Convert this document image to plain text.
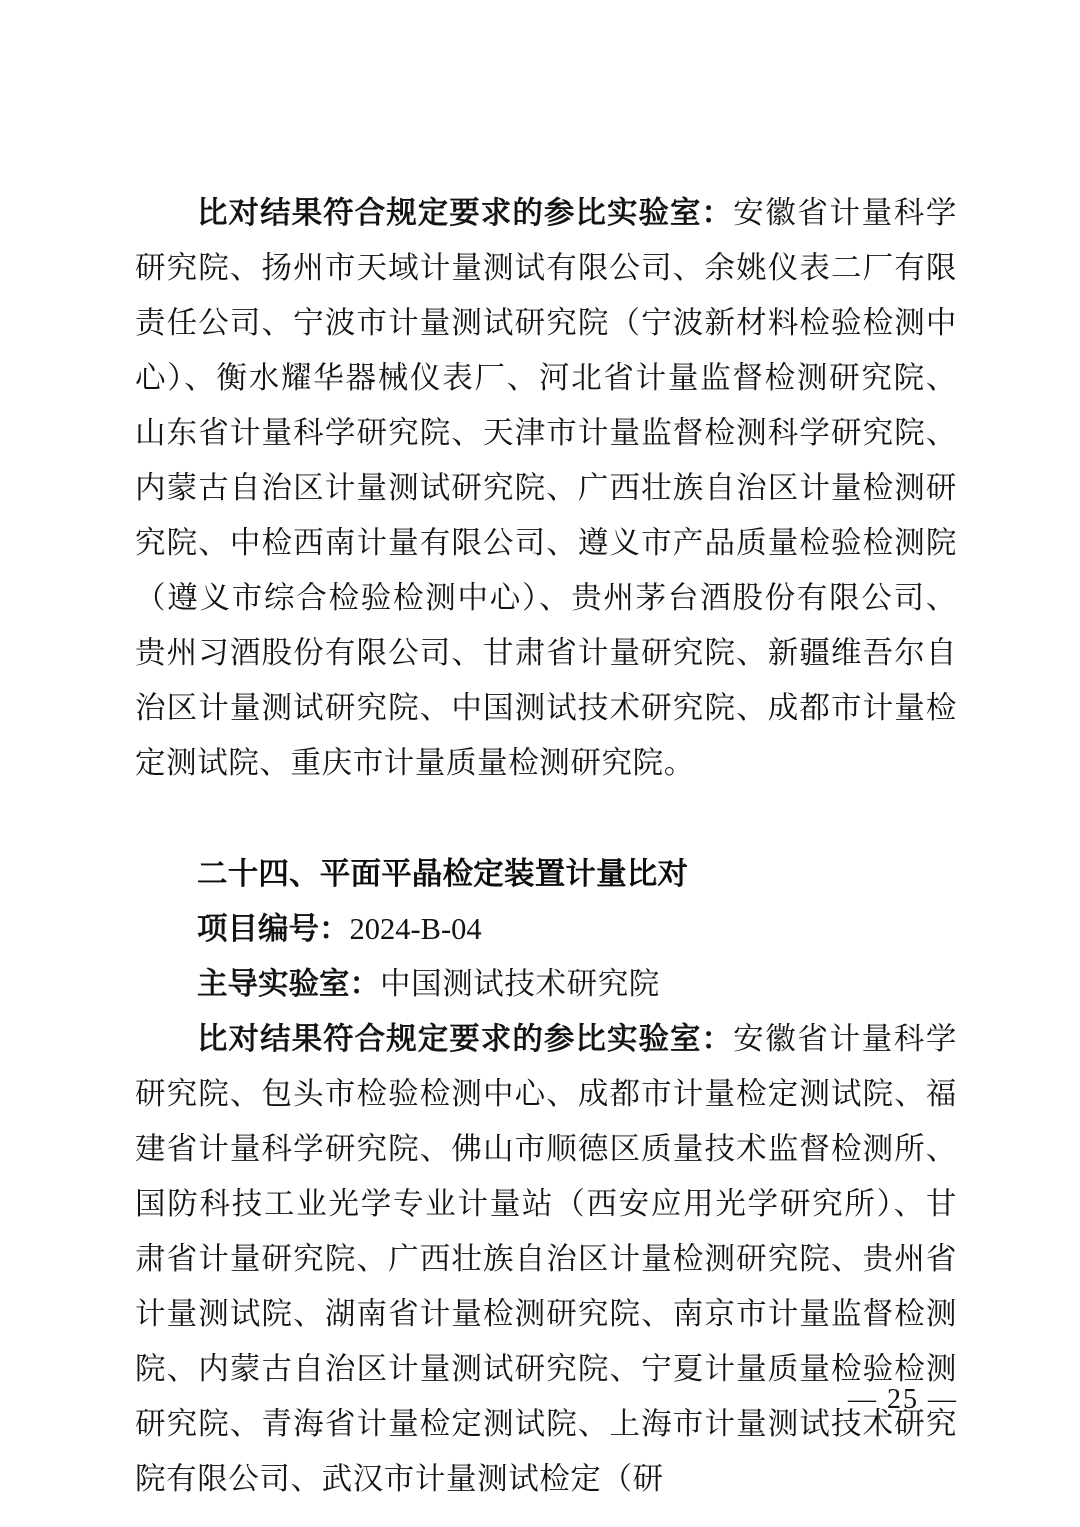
比对结果符合规定要求的参比实验室：安徽省计量科学研究院、扬州市天域计量测试有限公司、余姚仪表二厂有限责任公司、宁波市计量测试研究院（宁波新材料检验检测中心）、衡水耀华器械仪表厂、河北省计量监督检测研究院、山东省计量科学研究院、天津市计量监督检测科学研究院、内蒙古自治区计量测试研究院、广西壮族自治区计量检测研究院、中检西南计量有限公司、遵义市产品质量检验检测院（遵义市综合检验检测中心）、贵州茅台酒股份有限公司、贵州习酒股份有限公司、甘肃省计量研究院、新疆维吾尔自治区计量测试研究院、中国测试技术研究院、成都市计量检定测试院、重庆市计量质量检测研究院。

二十四、平面平晶检定装置计量比对

项目编号：2024-B-04

主导实验室：中国测试技术研究院

比对结果符合规定要求的参比实验室：安徽省计量科学研究院、包头市检验检测中心、成都市计量检定测试院、福建省计量科学研究院、佛山市顺德区质量技术监督检测所、国防科技工业光学专业计量站（西安应用光学研究所）、甘肃省计量研究院、广西壮族自治区计量检测研究院、贵州省计量测试院、湖南省计量检测研究院、南京市计量监督检测院、内蒙古自治区计量测试研究院、宁夏计量质量检验检测研究院、青海省计量检定测试院、上海市计量测试技术研究院有限公司、武汉市计量测试检定（研

— 25 —
